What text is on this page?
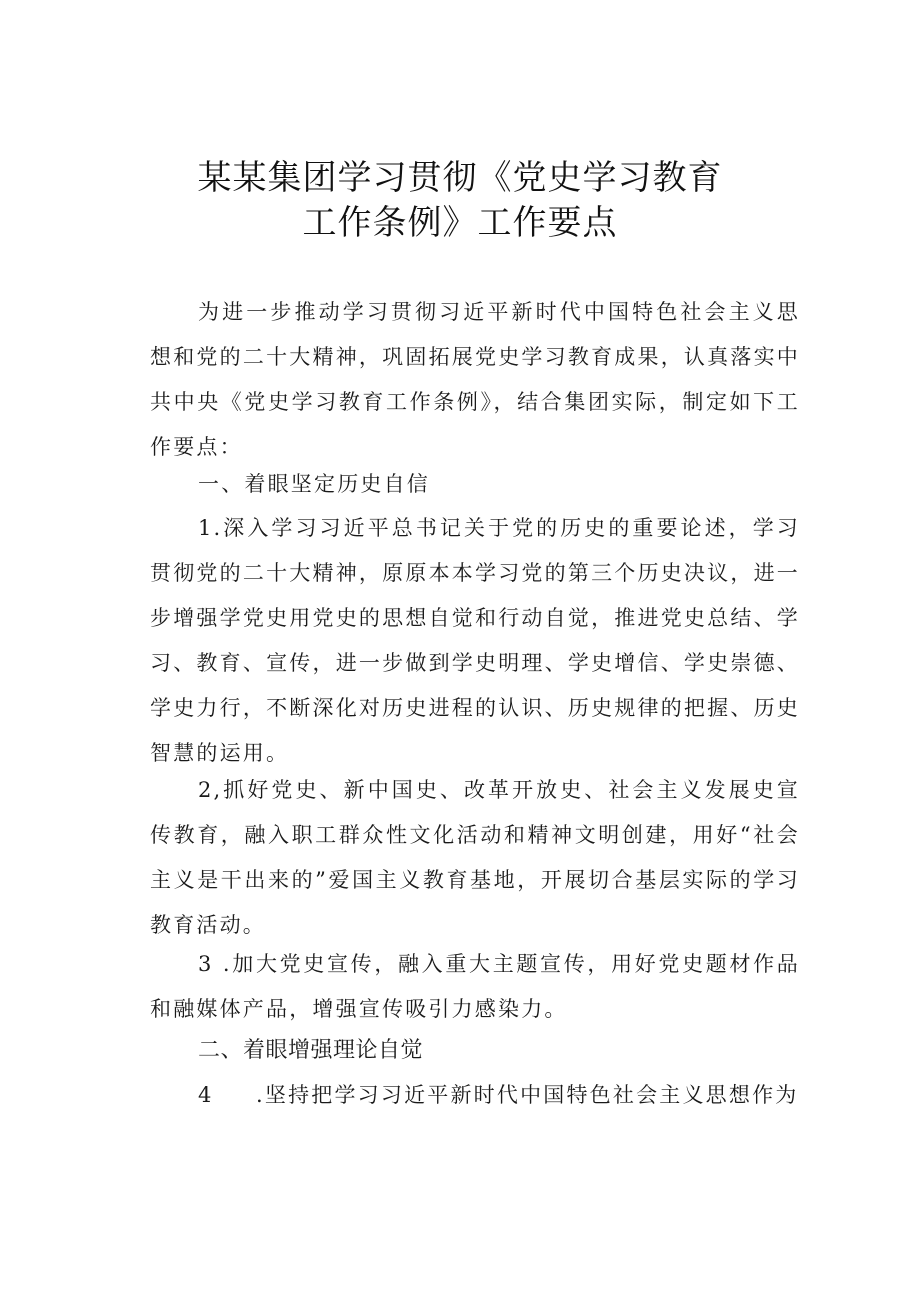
某某集团学习贯彻《党史学习教育
工作条例》工作要点

为进一步推动学习贯彻习近平新时代中国特色社会主义思想和党的二十大精神，巩固拓展党史学习教育成果，认真落实中共中央《党史学习教育工作条例》，结合集团实际，制定如下工作要点：

一、着眼坚定历史自信

1.深入学习习近平总书记关于党的历史的重要论述，学习贯彻党的二十大精神，原原本本学习党的第三个历史决议，进一步增强学党史用党史的思想自觉和行动自觉，推进党史总结、学习、教育、宣传，进一步做到学史明理、学史增信、学史崇德、学史力行，不断深化对历史进程的认识、历史规律的把握、历史智慧的运用。

2,抓好党史、新中国史、改革开放史、社会主义发展史宣传教育，融入职工群众性文化活动和精神文明创建，用好“社会主义是干出来的”爱国主义教育基地，开展切合基层实际的学习教育活动。

3 .加大党史宣传，融入重大主题宣传，用好党史题材作品和融媒体产品，增强宣传吸引力感染力。

二、着眼增强理论自觉

4 .坚持把学习习近平新时代中国特色社会主义思想作为
